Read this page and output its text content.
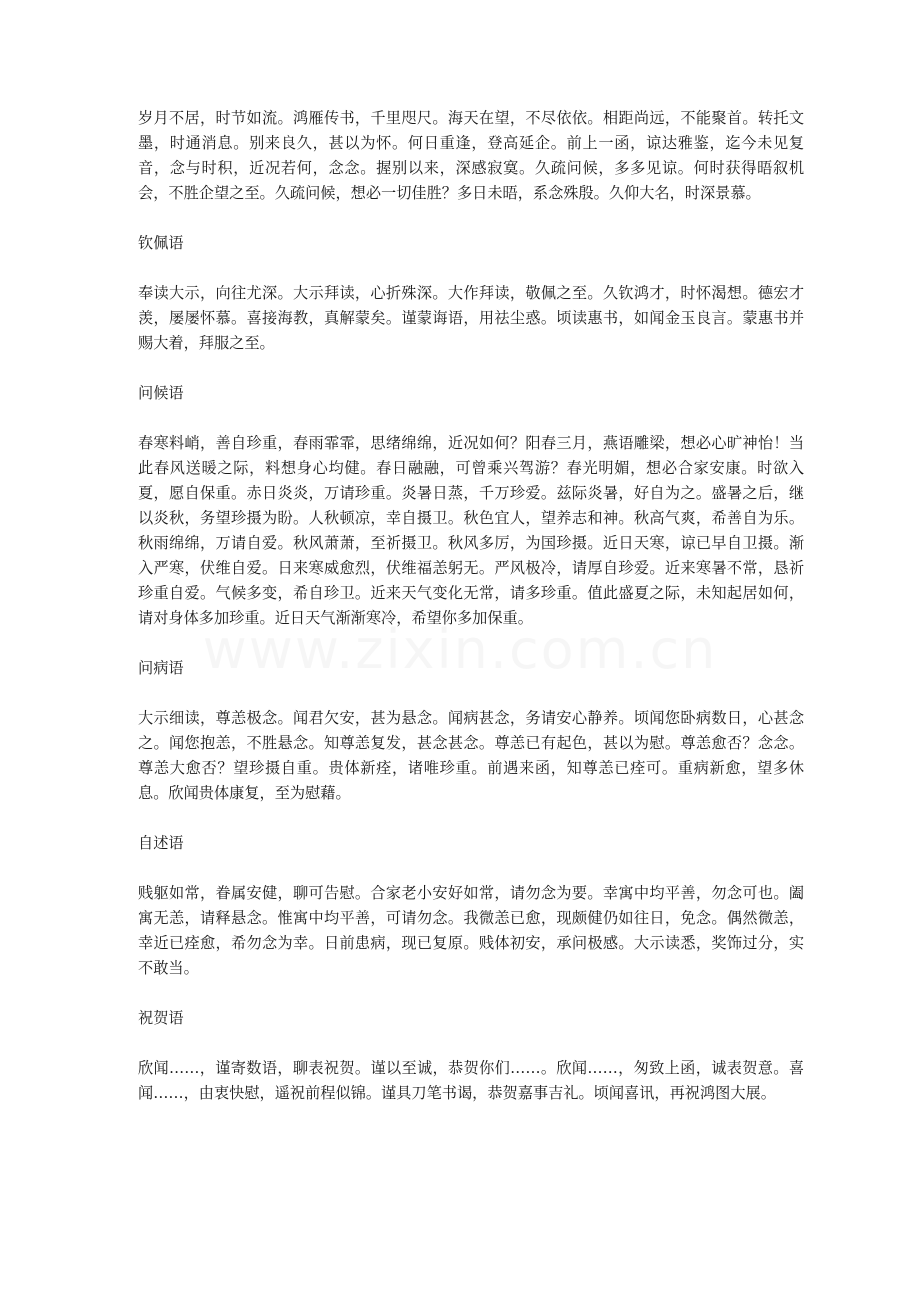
岁月不居，时节如流。鸿雁传书，千里咫尺。海天在望，不尽依依。相距尚远，不能聚首。转托文墨，时通消息。别来良久，甚以为怀。何日重逢，登高延企。前上一函，谅达雅鉴，迄今未见复音，念与时积，近况若何，念念。握别以来，深感寂寞。久疏问候，多多见谅。何时获得晤叙机会，不胜企望之至。久疏问候，想必一切佳胜？多日未晤，系念殊殷。久仰大名，时深景慕。

钦佩语

奉读大示，向往尤深。大示拜读，心折殊深。大作拜读，敬佩之至。久钦鸿才，时怀渴想。德宏才羡，屡屡怀慕。喜接海教，真解蒙矣。谨蒙诲语，用祛尘惑。顷读惠书，如闻金玉良言。蒙惠书并赐大着，拜服之至。

问候语

春寒料峭，善自珍重，春雨霏霏，思绪绵绵，近况如何？阳春三月，燕语雕梁，想必心旷神怡！当此春风送暖之际，料想身心均健。春日融融，可曾乘兴驾游？春光明媚，想必合家安康。时欲入夏，愿自保重。赤日炎炎，万请珍重。炎暑日蒸，千万珍爱。兹际炎暑，好自为之。盛暑之后，继以炎秋，务望珍摄为盼。人秋顿凉，幸自摄卫。秋色宜人，望养志和神。秋高气爽，希善自为乐。秋雨绵绵，万请自爱。秋风萧萧，至祈摄卫。秋风多厉，为国珍摄。近日天寒，谅已早自卫摄。渐入严寒，伏维自爱。日来寒威愈烈，伏维福恙躬无。严风极冷，请厚自珍爱。近来寒暑不常，恳祈珍重自爱。气候多变，希自珍卫。近来天气变化无常，请多珍重。值此盛夏之际，未知起居如何，请对身体多加珍重。近日天气渐渐寒冷，希望你多加保重。

问病语

大示细读，尊恙极念。闻君欠安，甚为悬念。闻病甚念，务请安心静养。顷闻您卧病数日，心甚念之。闻您抱恙，不胜悬念。知尊恙复发，甚念甚念。尊恙已有起色，甚以为慰。尊恙愈否？念念。尊恙大愈否？望珍摄自重。贵体新痊，诸唯珍重。前遇来函，知尊恙已痊可。重病新愈，望多休息。欣闻贵体康复，至为慰藉。

自述语

贱躯如常，眷属安健，聊可告慰。合家老小安好如常，请勿念为要。幸寓中均平善，勿念可也。阖寓无恙，请释悬念。惟寓中均平善，可请勿念。我微恙已愈，现颇健仍如往日，免念。偶然微恙，幸近已痊愈，希勿念为幸。日前患病，现已复原。贱体初安，承问极感。大示读悉，奖饰过分，实不敢当。

祝贺语

欣闻……，谨寄数语，聊表祝贺。谨以至诚，恭贺你们……。欣闻……，匆致上函，诚表贺意。喜闻……，由衷快慰，遥祝前程似锦。谨具刀笔书谒，恭贺嘉事吉礼。顷闻喜讯，再祝鸿图大展。
